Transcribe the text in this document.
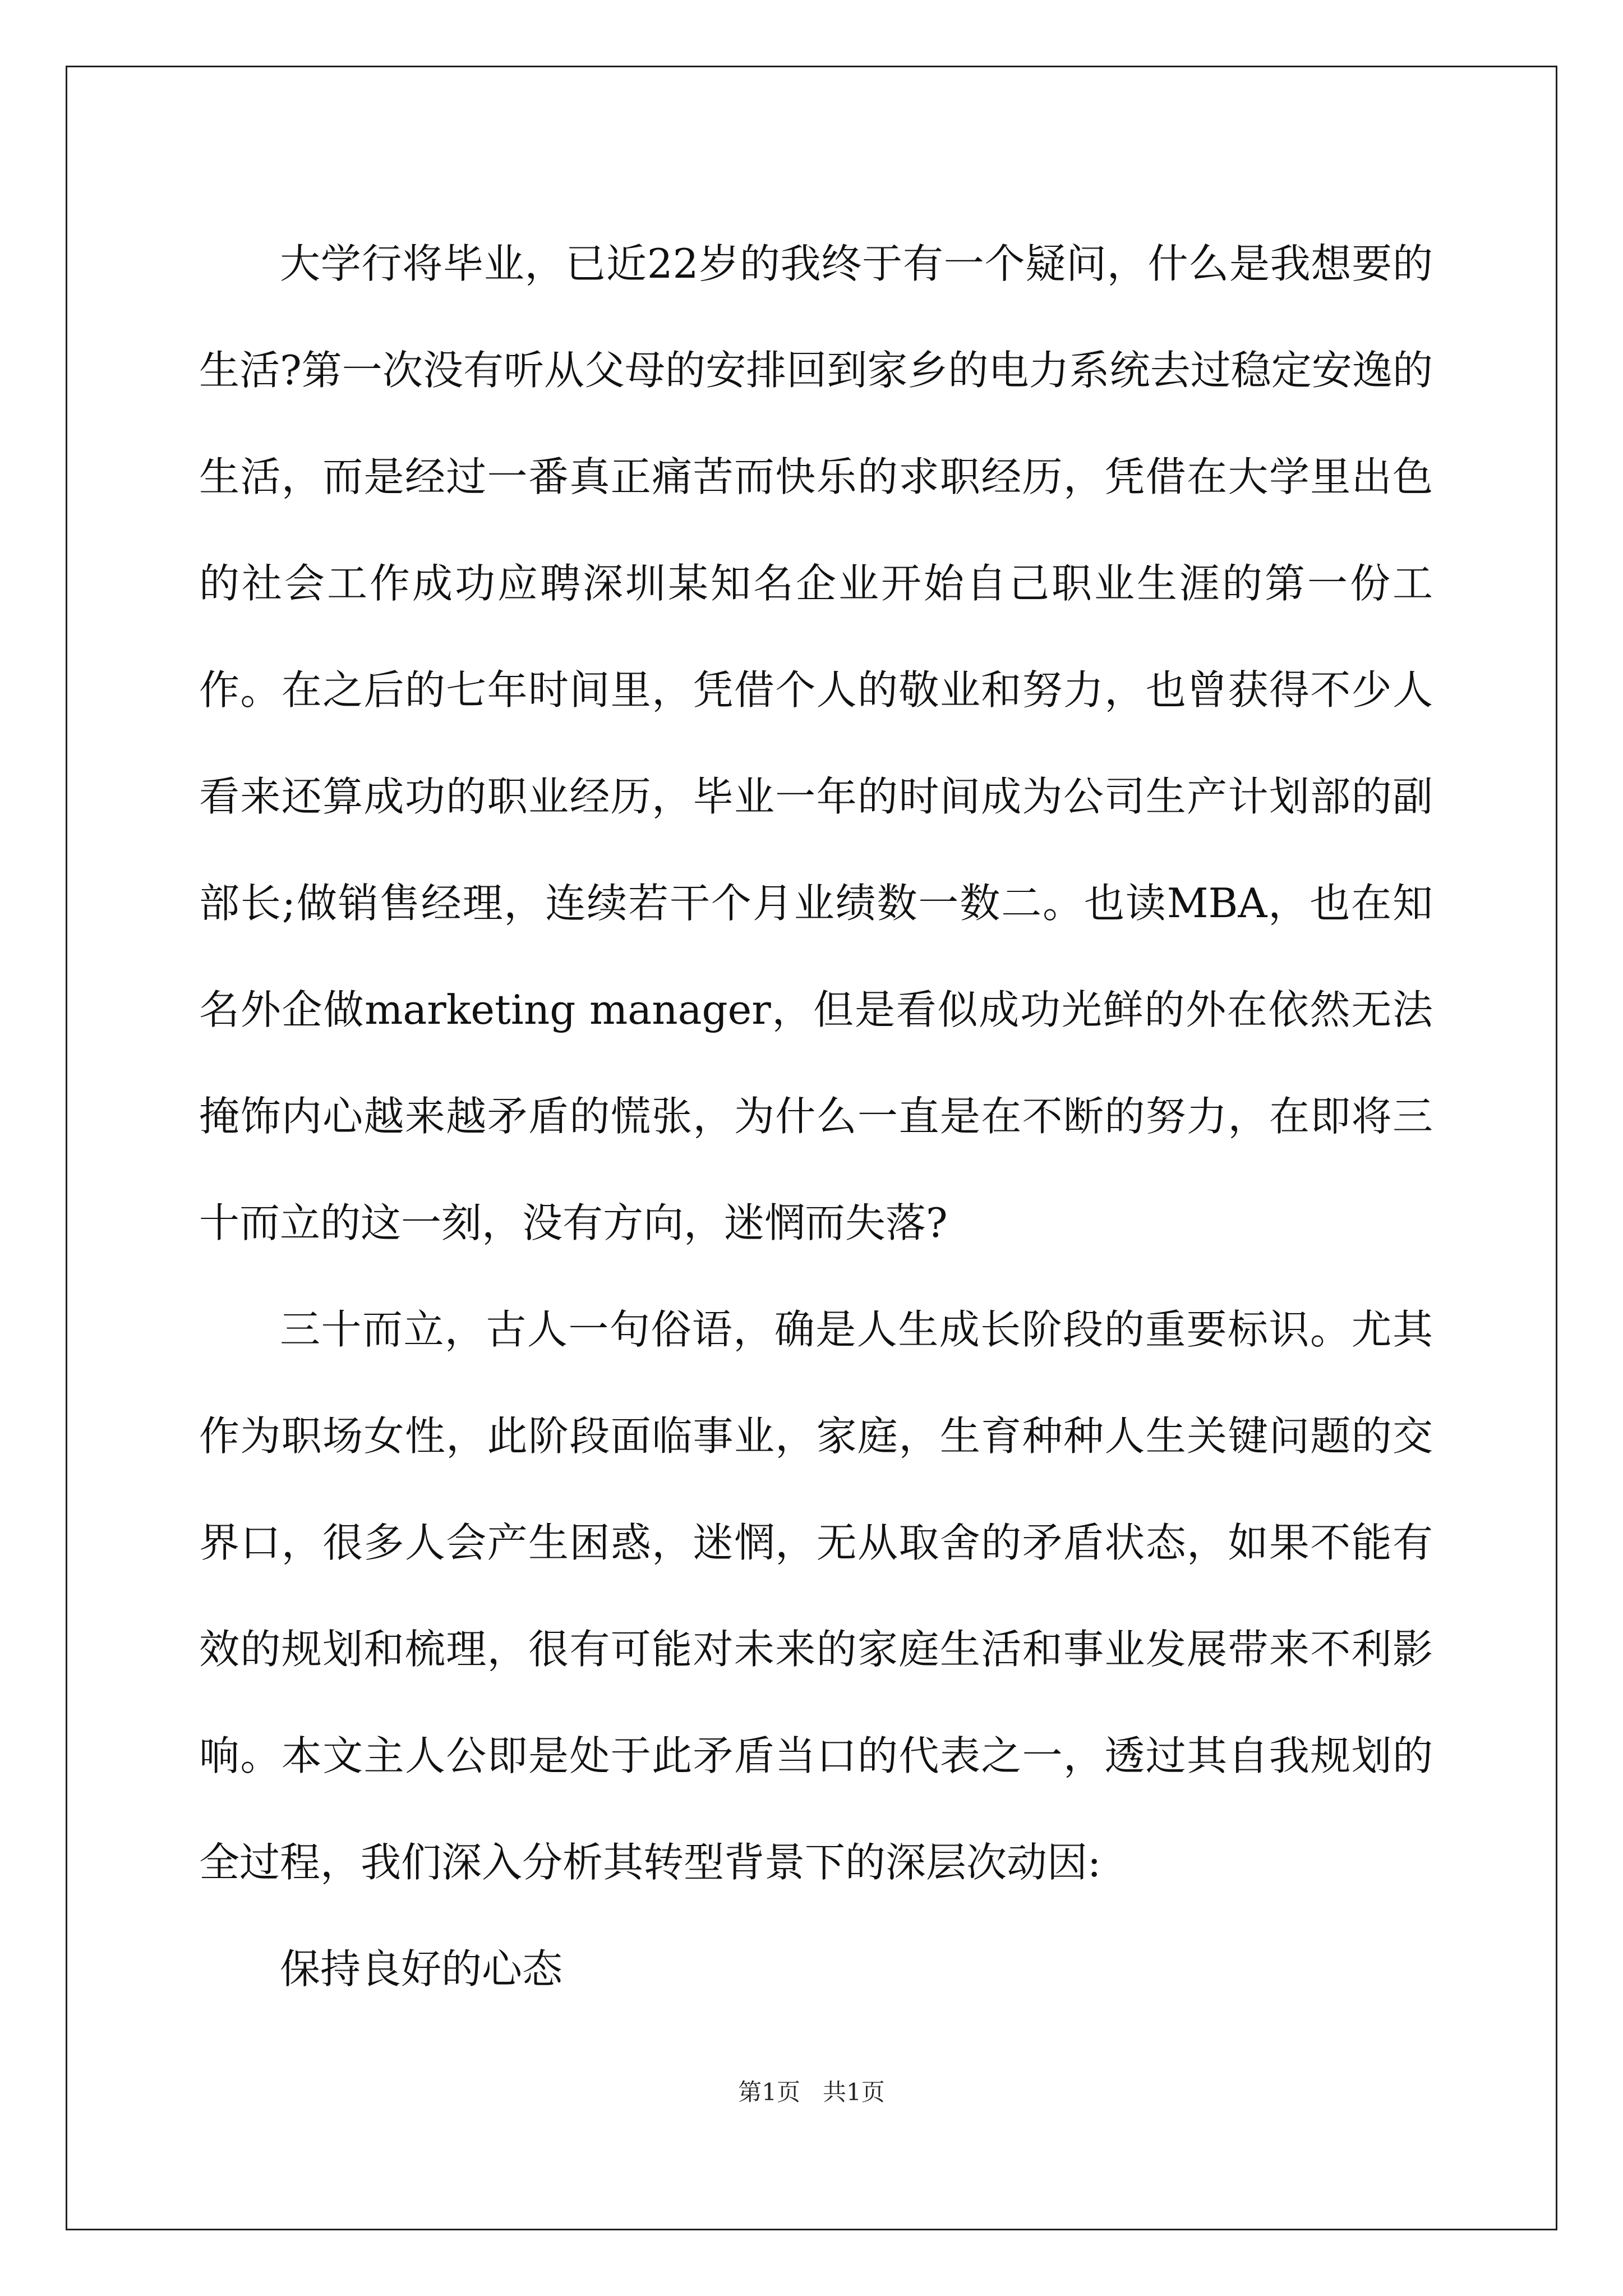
大学行将毕业，已近22岁的我终于有一个疑问，什么是我想要的生活?第一次没有听从父母的安排回到家乡的电力系统去过稳定安逸的生活，而是经过一番真正痛苦而快乐的求职经历，凭借在大学里出色的社会工作成功应聘深圳某知名企业开始自己职业生涯的第一份工作。在之后的七年时间里，凭借个人的敬业和努力，也曾获得不少人看来还算成功的职业经历，毕业一年的时间成为公司生产计划部的副部长;做销售经理，连续若干个月业绩数一数二。也读MBA，也在知名外企做marketing manager，但是看似成功光鲜的外在依然无法掩饰内心越来越矛盾的慌张，为什么一直是在不断的努力，在即将三十而立的这一刻，没有方向，迷惘而失落?

三十而立，古人一句俗语，确是人生成长阶段的重要标识。尤其作为职场女性，此阶段面临事业，家庭，生育种种人生关键问题的交界口，很多人会产生困惑，迷惘，无从取舍的矛盾状态，如果不能有效的规划和梳理，很有可能对未来的家庭生活和事业发展带来不利影响。本文主人公即是处于此矛盾当口的代表之一，透过其自我规划的全过程，我们深入分析其转型背景下的深层次动因:

保持良好的心态

第1页 共1页
